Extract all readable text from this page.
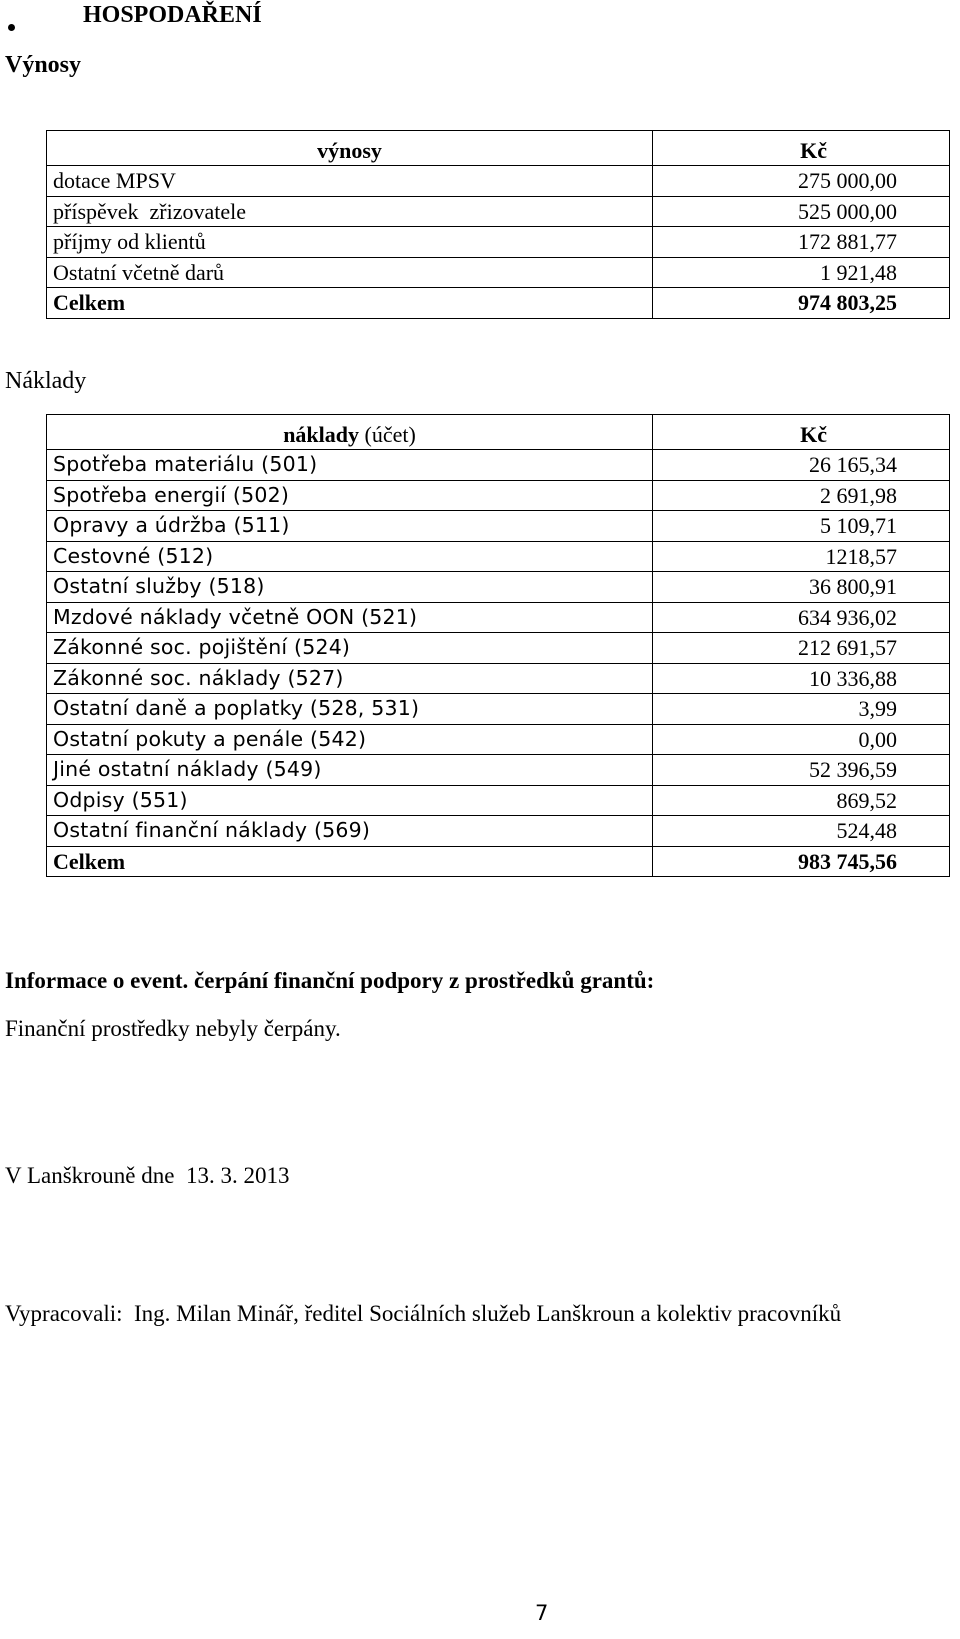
HOSPODAŘENÍ
Výnosy
výnosy	Kč
dotace MPSV	275 000,00
příspěvek  zřizovatele	525 000,00
příjmy od klientů	172 881,77
Ostatní včetně darů	1 921,48
Celkem	974 803,25
Náklady
náklady (účet)	Kč
Spotřeba materiálu (501)	26 165,34
Spotřeba energií (502)	2 691,98
Opravy a údržba (511)	5 109,71
Cestovné (512)	1218,57
Ostatní služby (518)	36 800,91
Mzdové náklady včetně OON (521)	634 936,02
Zákonné soc. pojištění (524)	212 691,57
Zákonné soc. náklady (527)	10 336,88
Ostatní daně a poplatky (528, 531)	3,99
Ostatní pokuty a penále (542)	0,00
Jiné ostatní náklady (549)	52 396,59
Odpisy (551)	869,52
Ostatní finanční náklady (569)	524,48
Celkem	983 745,56
Informace o event. čerpání finanční podpory z prostředků grantů:
Finanční prostředky nebyly čerpány.
V Lanškrouně dne  13. 3. 2013
Vypracovali:  Ing. Milan Minář, ředitel Sociálních služeb Lanškroun a kolektiv pracovníků
7
